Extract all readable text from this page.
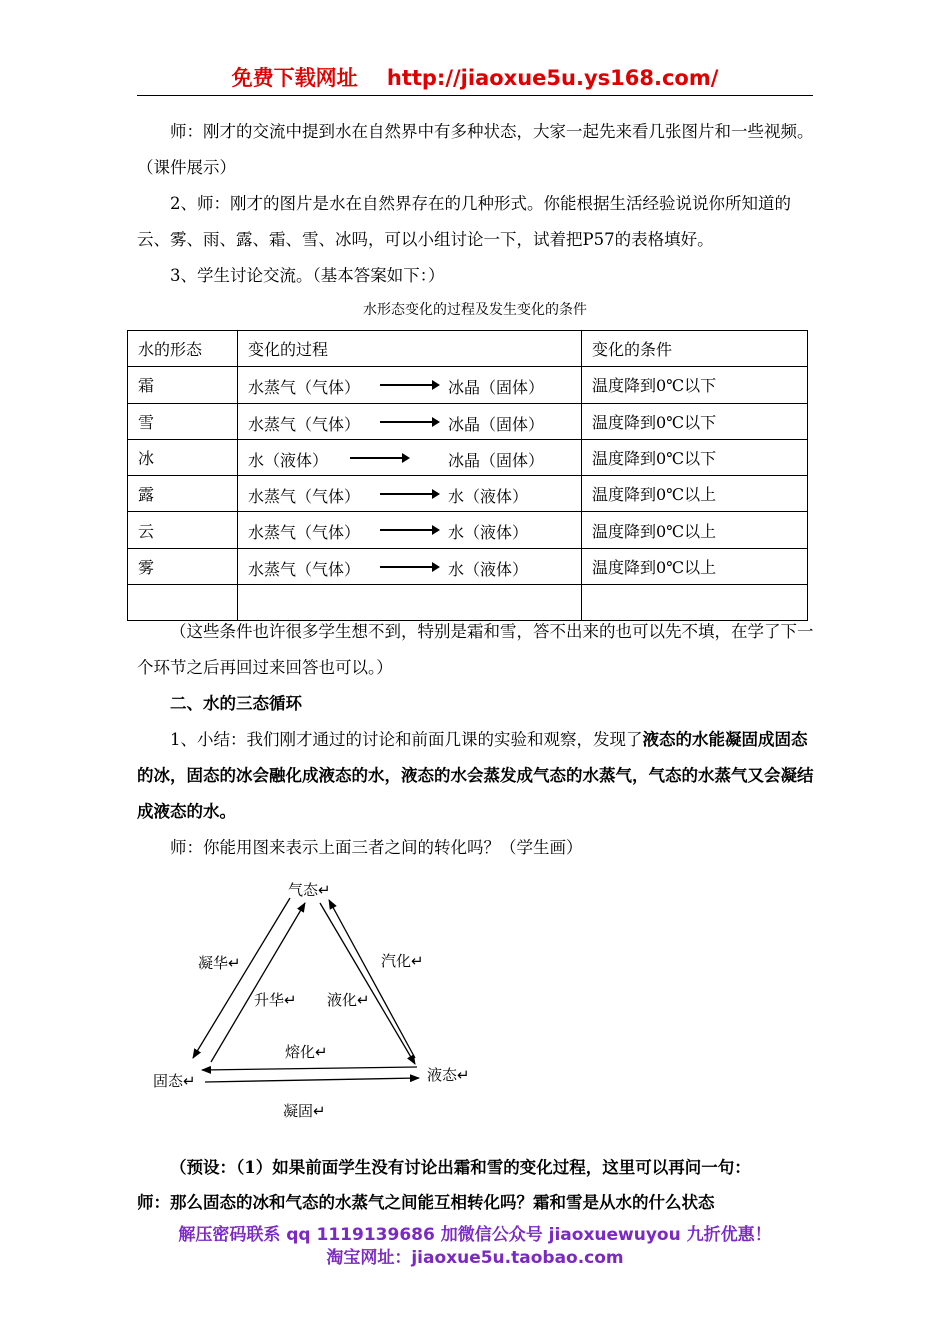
免费下载网址 http://jiaoxue5u.ys168.com/
师：刚才的交流中提到水在自然界中有多种状态，大家一起先来看几张图片和一些视频。（课件展示）
2、师：刚才的图片是水在自然界存在的几种形式。你能根据生活经验说说你所知道的云、雾、雨、露、霜、雪、冰吗，可以小组讨论一下，试着把P57的表格填好。
3、学生讨论交流。（基本答案如下：）
水形态变化的过程及发生变化的条件
水的形态	变化的过程	变化的条件
霜	水蒸气（气体） 冰晶（固体）	温度降到0℃以下
雪	水蒸气（气体） 冰晶（固体）	温度降到0℃以下
冰	水（液体） 冰晶（固体）	温度降到0℃以下
露	水蒸气（气体） 水（液体）	温度降到0℃以上
云	水蒸气（气体） 水（液体）	温度降到0℃以上
雾	水蒸气（气体） 水（液体）	温度降到0℃以上

（这些条件也许很多学生想不到，特别是霜和雪，答不出来的也可以先不填，在学了下一个环节之后再回过来回答也可以。）
二、水的三态循环
1、小结：我们刚才通过的讨论和前面几课的实验和观察，发现了液态的水能凝固成固态的冰，固态的冰会融化成液态的水，液态的水会蒸发成气态的水蒸气，气态的水蒸气又会凝结成液态的水。
师：你能用图来表示上面三者之间的转化吗？（学生画）
气态↵
固态↵	液态↵
凝华↵
升华↵
汽化↵
液化↵
熔化↵
凝固↵
（预设：（1）如果前面学生没有讨论出霜和雪的变化过程，这里可以再问一句：
师：那么固态的冰和气态的水蒸气之间能互相转化吗？霜和雪是从水的什么状态
解压密码联系 qq 1119139686 加微信公众号 jiaoxuewuyou 九折优惠！
淘宝网址：jiaoxue5u.taobao.com
